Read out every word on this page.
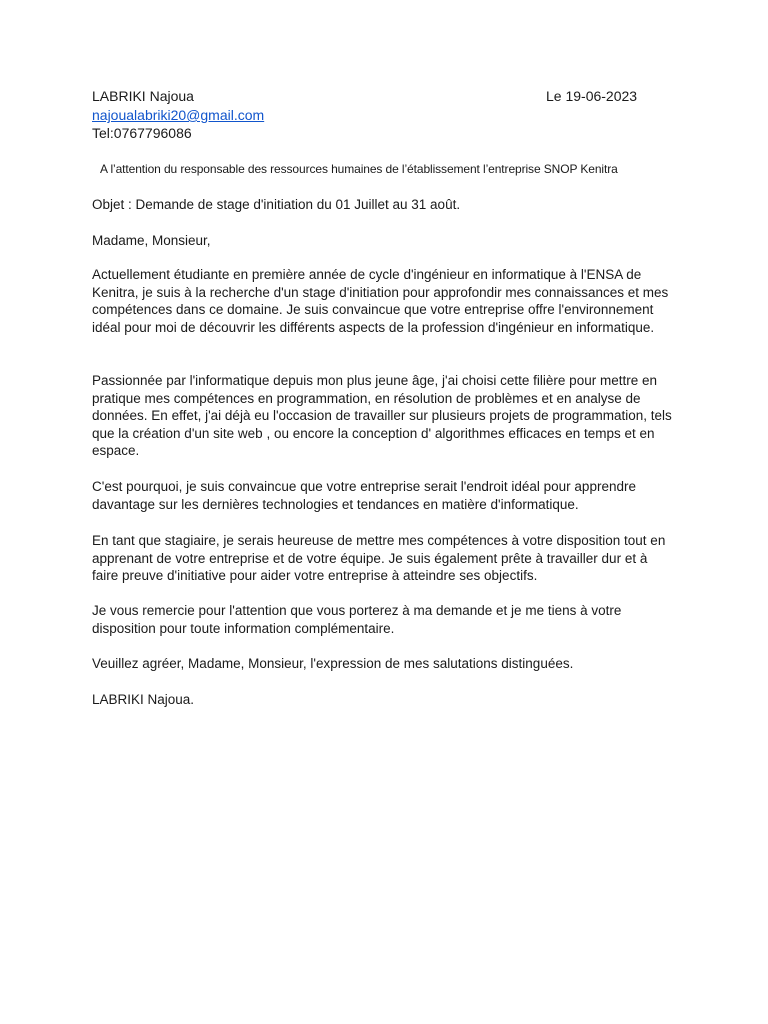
LABRIKI Najoua	Le 19-06-2023
najoualabriki20@gmail.com
Tel:0767796086
A l’attention du responsable des ressources humaines de l’établissement l’entreprise SNOP Kenitra

Objet : Demande de stage d'initiation du 01 Juillet au 31 août.

Madame, Monsieur,

Actuellement étudiante en première année de cycle d'ingénieur en informatique à l'ENSA de Kenitra, je suis à la recherche d'un stage d'initiation pour approfondir mes connaissances et mes compétences dans ce domaine. Je suis convaincue que votre entreprise offre l'environnement idéal pour moi de découvrir les différents aspects de la profession d'ingénieur en informatique.

Passionnée par l'informatique depuis mon plus jeune âge, j'ai choisi cette filière pour mettre en pratique mes compétences en programmation, en résolution de problèmes et en analyse de données. En effet, j'ai déjà eu l'occasion de travailler sur plusieurs projets de programmation, tels que la création d'un site web , ou encore la conception d' algorithmes efficaces en temps et en espace.

C'est pourquoi, je suis convaincue que votre entreprise serait l'endroit idéal pour apprendre davantage sur les dernières technologies et tendances en matière d'informatique.

En tant que stagiaire, je serais heureuse de mettre mes compétences à votre disposition tout en apprenant de votre entreprise et de votre équipe. Je suis également prête à travailler dur et à faire preuve d'initiative pour aider votre entreprise à atteindre ses objectifs.

Je vous remercie pour l'attention que vous porterez à ma demande et je me tiens à votre disposition pour toute information complémentaire.

Veuillez agréer, Madame, Monsieur, l'expression de mes salutations distinguées.

LABRIKI Najoua.
